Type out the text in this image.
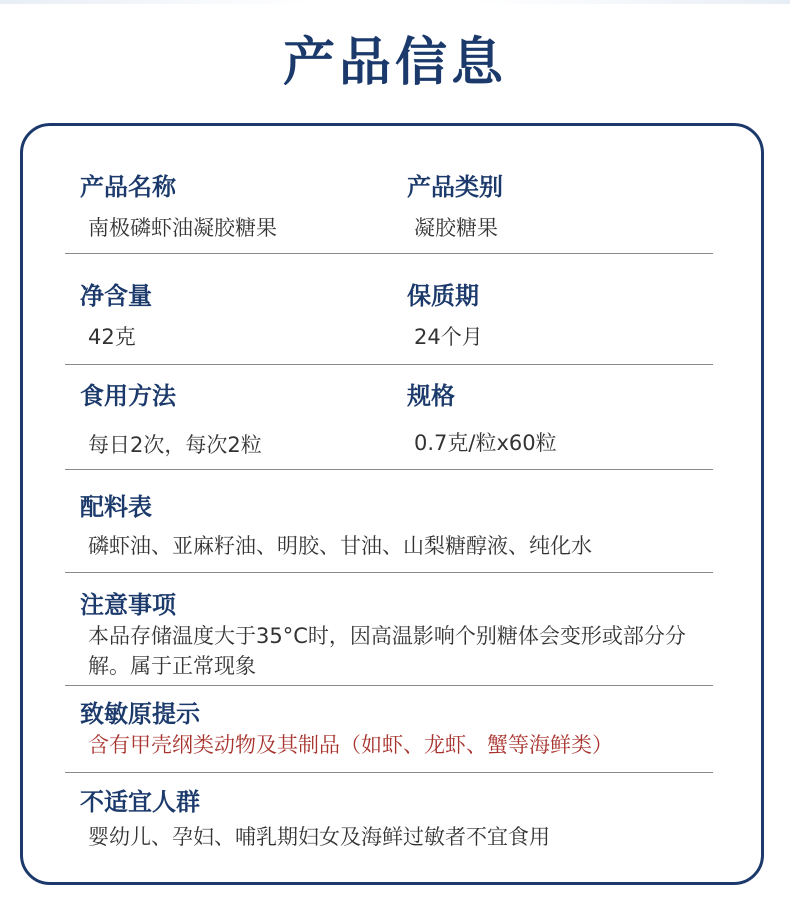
产品信息
产品名称
南极磷虾油凝胶糖果
产品类别
凝胶糖果
净含量
42克
保质期
24个月
食用方法
每日2次，每次2粒
规格
0.7克/粒x60粒
配料表
磷虾油、亚麻籽油、明胶、甘油、山梨糖醇液、纯化水
注意事项
本品存储温度大于35°C时，因高温影响个别糖体会变形或部分分解。属于正常现象
致敏原提示
含有甲壳纲类动物及其制品（如虾、龙虾、蟹等海鲜类）
不适宜人群
婴幼儿、孕妇、哺乳期妇女及海鲜过敏者不宜食用
